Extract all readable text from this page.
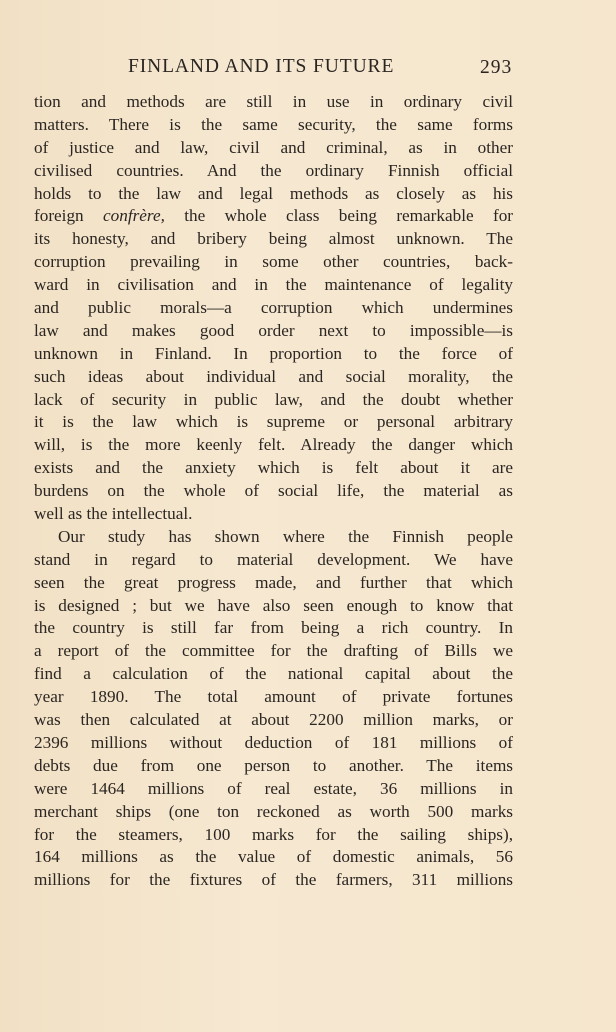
FINLAND AND ITS FUTURE	293
tion and methods are still in use in ordinary civil
matters. There is the same security, the same forms
of justice and law, civil and criminal, as in other
civilised countries. And the ordinary Finnish official
holds to the law and legal methods as closely as his
foreign confrère, the whole class being remarkable for
its honesty, and bribery being almost unknown. The
corruption prevailing in some other countries, back-
ward in civilisation and in the maintenance of legality
and public morals—a corruption which undermines
law and makes good order next to impossible—is
unknown in Finland. In proportion to the force of
such ideas about individual and social morality, the
lack of security in public law, and the doubt whether
it is the law which is supreme or personal arbitrary
will, is the more keenly felt. Already the danger which
exists and the anxiety which is felt about it are
burdens on the whole of social life, the material as
well as the intellectual.
Our study has shown where the Finnish people
stand in regard to material development. We have
seen the great progress made, and further that which
is designed ; but we have also seen enough to know that
the country is still far from being a rich country. In
a report of the committee for the drafting of Bills we
find a calculation of the national capital about the
year 1890. The total amount of private fortunes
was then calculated at about 2200 million marks, or
2396 millions without deduction of 181 millions of
debts due from one person to another. The items
were 1464 millions of real estate, 36 millions in
merchant ships (one ton reckoned as worth 500 marks
for the steamers, 100 marks for the sailing ships),
164 millions as the value of domestic animals, 56
millions for the fixtures of the farmers, 311 millions
